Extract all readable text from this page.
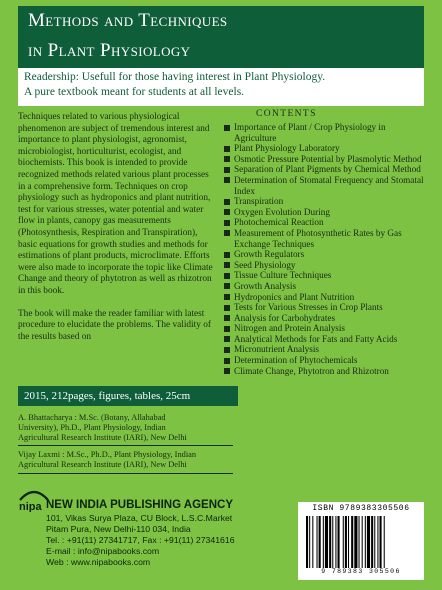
Methods and Techniques
in Plant Physiology
Readership: Usefull for those having interest in Plant Physiology.
A pure textbook meant for students at all levels.

Techniques related to various physiological phenomenon are subject of tremendous interest and importance to plant physiologist, agronomist, microbiologist, horticulturist, ecologist, and biochemists. This book is intended to provide recognized methods related various plant processes in a comprehensive form. Techniques on crop physiology such as hydroponics and plant nutrition, test for various stresses, water potential and water flow in plants, canopy gas measurements (Photosynthesis, Respiration and Transpiration), basic equations for growth studies and methods for estimations of plant products, microclimate. Efforts were also made to incorporate the topic like Climate Change and theory of phytotron as well as rhizotron in this book.

The book will make the reader familiar with latest procedure to elucidate the problems. The validity of the results based on

2015, 212pages, figures, tables, 25cm
A. Bhattacharya : M.Sc. (Botany, Allahabad
University), Ph.D., Plant Physiology, Indian
Agricultural Research Institute (IARI), New Delhi
Vijay Laxmi : M.Sc., Ph.D., Plant Physiology, Indian
Agricultural Research Institute (IARI), New Delhi
CONTENTS
Importance of Plant / Crop Physiology in Agriculture
Plant Physiology Laboratory
Osmotic Pressure Potential by Plasmolytic Method
Separation of Plant Pigments by Chemical Method
Determination of Stomatal Frequency and Stomatal Index
Transpiration
Oxygen Evolution During
Photochemical Reaction
Measurement of Photosynthetic Rates by Gas Exchange Techniques
Growth Regulators
Seed Physiology
Tissue Culture Techniques
Growth Analysis
Hydroponics and Plant Nutrition
Tests for Various Stresses in Crop Plants
Analysis for Carbohydrates
Nitrogen and Protein Analysis
Analytical Methods for Fats and Fatty Acids
Micronutrient Analysis
Determination of Phytochemicals
Climate Change, Phytotron and Rhizotron
nipa NEW INDIA PUBLISHING AGENCY
101, Vikas Surya Plaza, CU Block, L.S.C.Market
Pitam Pura, New Delhi-110 034, India
Tel. : +91(11) 27341717, Fax : +91(11) 27341616
E-mail : info@nipabooks.com
Web : www.nipabooks.com
ISBN 9789383305506
9 789383 305506
